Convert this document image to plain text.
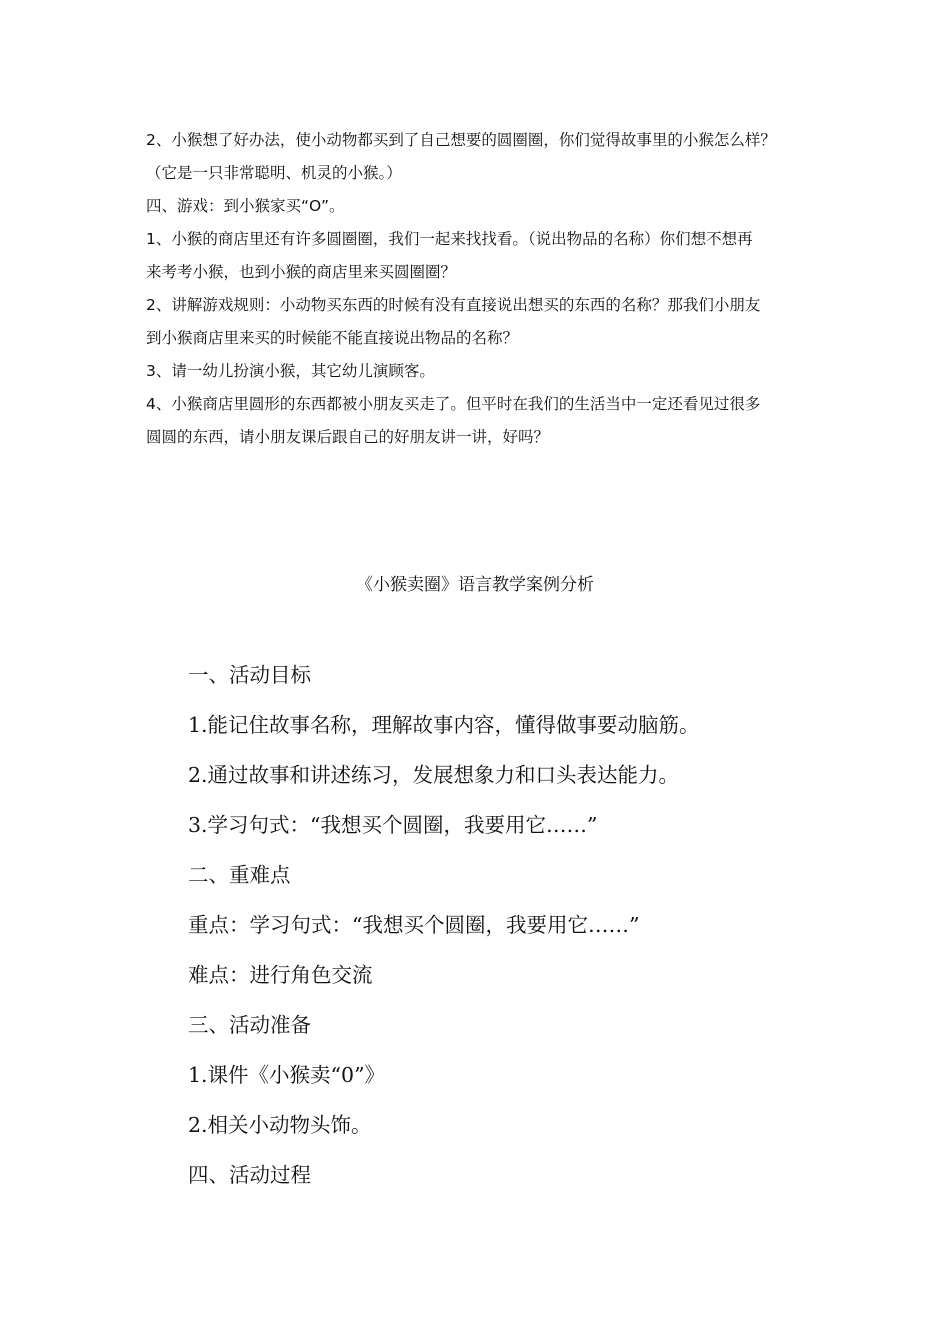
2、小猴想了好办法，使小动物都买到了自己想要的圆圈圈，你们觉得故事里的小猴怎么样？

（它是一只非常聪明、机灵的小猴。）

四、游戏：到小猴家买“O”。

1、小猴的商店里还有许多圆圈圈，我们一起来找找看。（说出物品的名称）你们想不想再

来考考小猴，也到小猴的商店里来买圆圈圈？

2、讲解游戏规则：小动物买东西的时候有没有直接说出想买的东西的名称？那我们小朋友

到小猴商店里来买的时候能不能直接说出物品的名称？

3、请一幼儿扮演小猴，其它幼儿演顾客。

4、小猴商店里圆形的东西都被小朋友买走了。但平时在我们的生活当中一定还看见过很多

圆圆的东西，请小朋友课后跟自己的好朋友讲一讲，好吗？

《小猴卖圈》语言教学案例分析

一、活动目标

1.能记住故事名称，理解故事内容，懂得做事要动脑筋。

2.通过故事和讲述练习，发展想象力和口头表达能力。

3.学习句式：“我想买个圆圈，我要用它……”

二、重难点

重点：学习句式：“我想买个圆圈，我要用它……”

难点：进行角色交流

三、活动准备

1.课件《小猴卖“0”》

2.相关小动物头饰。

四、活动过程
